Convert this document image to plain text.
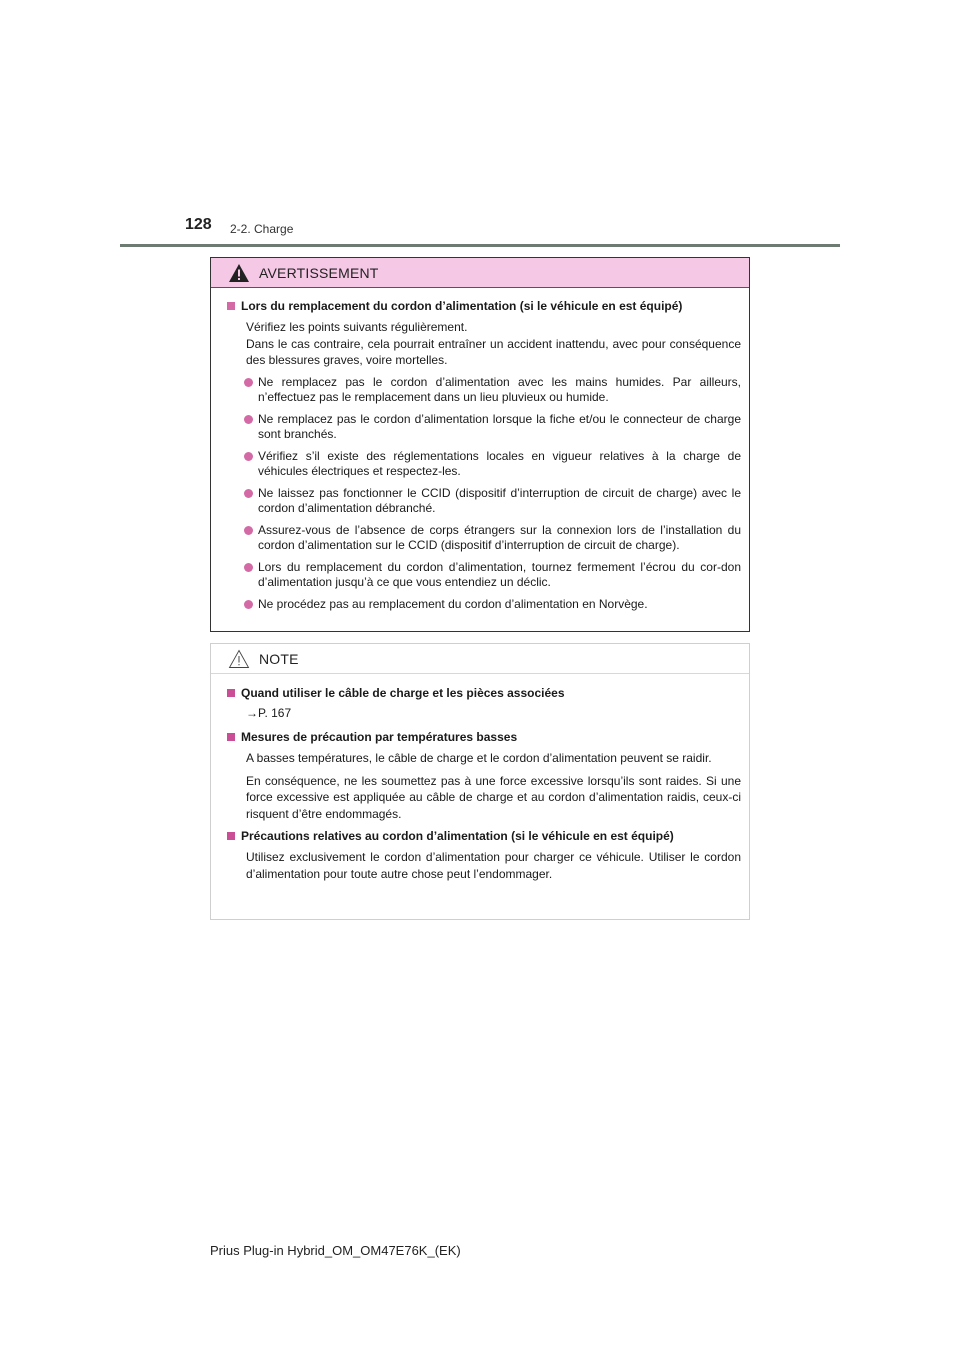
128 2-2. Charge
AVERTISSEMENT
Lors du remplacement du cordon d’alimentation (si le véhicule en est équipé)
Vérifiez les points suivants régulièrement.
Dans le cas contraire, cela pourrait entraîner un accident inattendu, avec pour conséquence des blessures graves, voire mortelles.
Ne remplacez pas le cordon d’alimentation avec les mains humides. Par ailleurs, n’effectuez pas le remplacement dans un lieu pluvieux ou humide.
Ne remplacez pas le cordon d’alimentation lorsque la fiche et/ou le connecteur de charge sont branchés.
Vérifiez s’il existe des réglementations locales en vigueur relatives à la charge de véhicules électriques et respectez-les.
Ne laissez pas fonctionner le CCID (dispositif d’interruption de circuit de charge) avec le cordon d’alimentation débranché.
Assurez-vous de l’absence de corps étrangers sur la connexion lors de l’installation du cordon d’alimentation sur le CCID (dispositif d’interruption de circuit de charge).
Lors du remplacement du cordon d’alimentation, tournez fermement l’écrou du cor-don d’alimentation jusqu’à ce que vous entendiez un déclic.
Ne procédez pas au remplacement du cordon d’alimentation en Norvège.
NOTE
Quand utiliser le câble de charge et les pièces associées
→P. 167
Mesures de précaution par températures basses
A basses températures, le câble de charge et le cordon d’alimentation peuvent se raidir.
En conséquence, ne les soumettez pas à une force excessive lorsqu’ils sont raides. Si une force excessive est appliquée au câble de charge et au cordon d’alimentation raidis, ceux-ci risquent d’être endommagés.
Précautions relatives au cordon d’alimentation (si le véhicule en est équipé)
Utilisez exclusivement le cordon d’alimentation pour charger ce véhicule. Utiliser le cordon d’alimentation pour toute autre chose peut l’endommager.
Prius Plug-in Hybrid_OM_OM47E76K_(EK)
